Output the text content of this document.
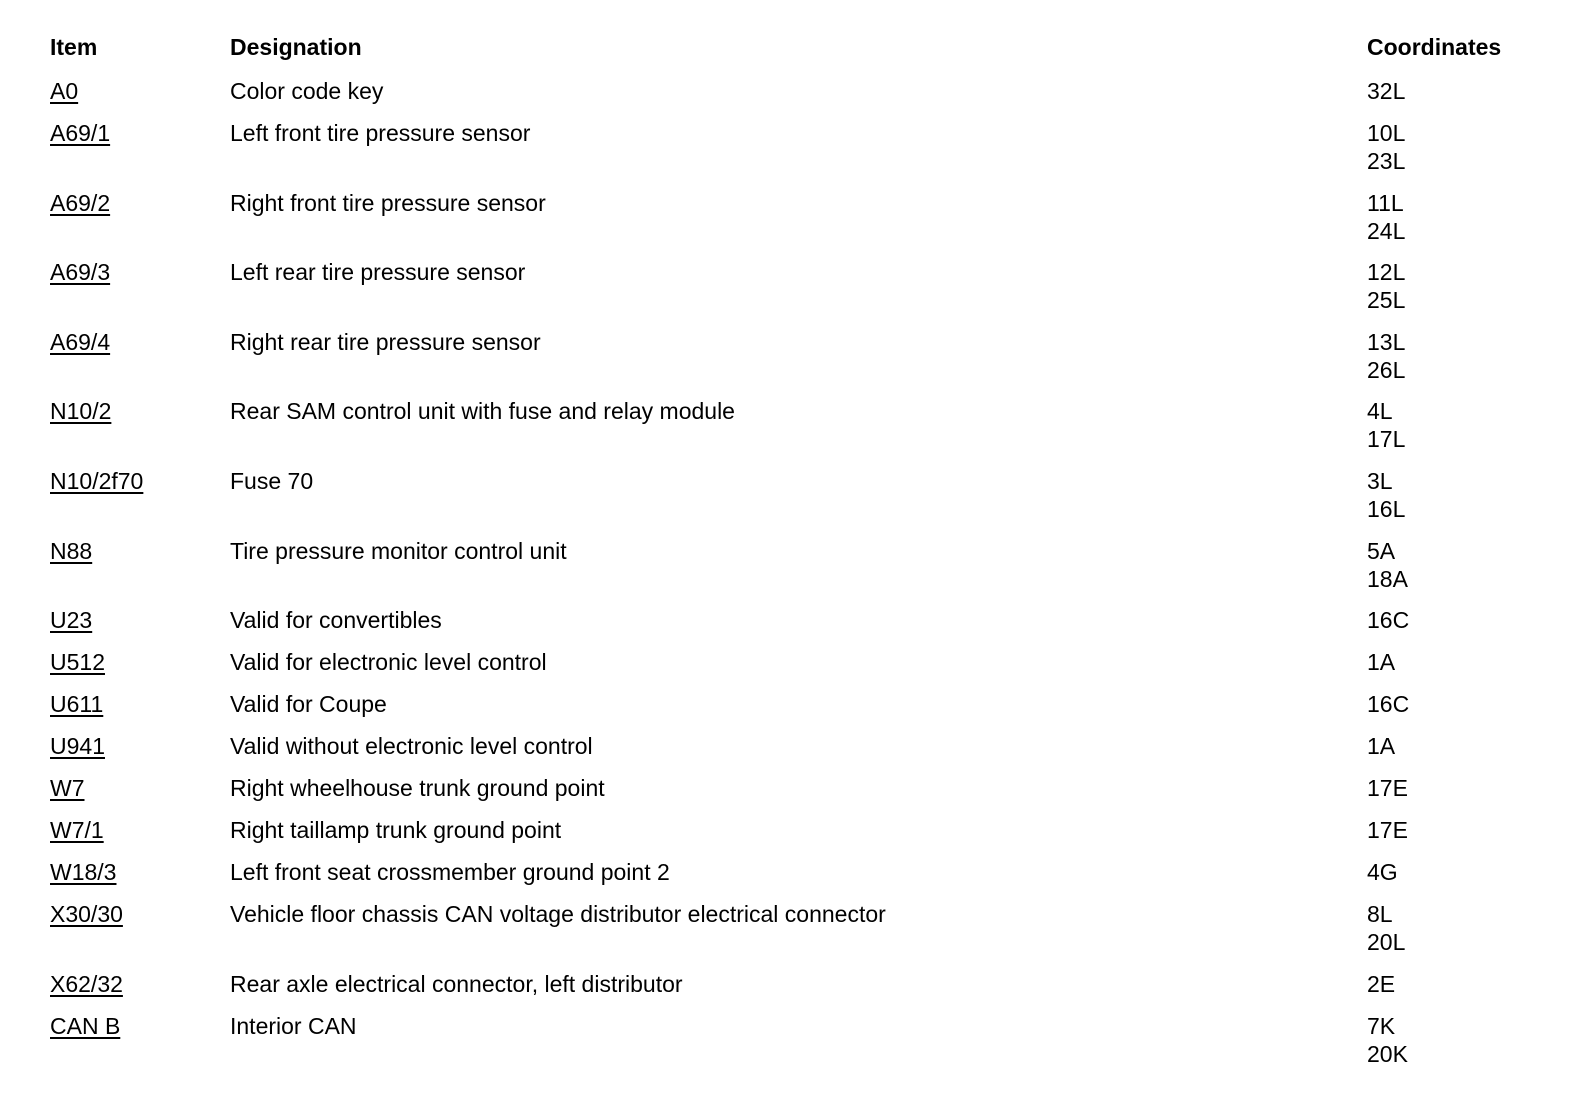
Item	Designation	Coordinates
A0	Color code key	32L
A69/1	Left front tire pressure sensor	10L
23L
A69/2	Right front tire pressure sensor	11L
24L
A69/3	Left rear tire pressure sensor	12L
25L
A69/4	Right rear tire pressure sensor	13L
26L
N10/2	Rear SAM control unit with fuse and relay module	4L
17L
N10/2f70	Fuse 70	3L
16L
N88	Tire pressure monitor control unit	5A
18A
U23	Valid for convertibles	16C
U512	Valid for electronic level control	1A
U611	Valid for Coupe	16C
U941	Valid without electronic level control	1A
W7	Right wheelhouse trunk ground point	17E
W7/1	Right taillamp trunk ground point	17E
W18/3	Left front seat crossmember ground point 2	4G
X30/30	Vehicle floor chassis CAN voltage distributor electrical connector	8L
20L
X62/32	Rear axle electrical connector, left distributor	2E
CAN B	Interior CAN	7K
20K
